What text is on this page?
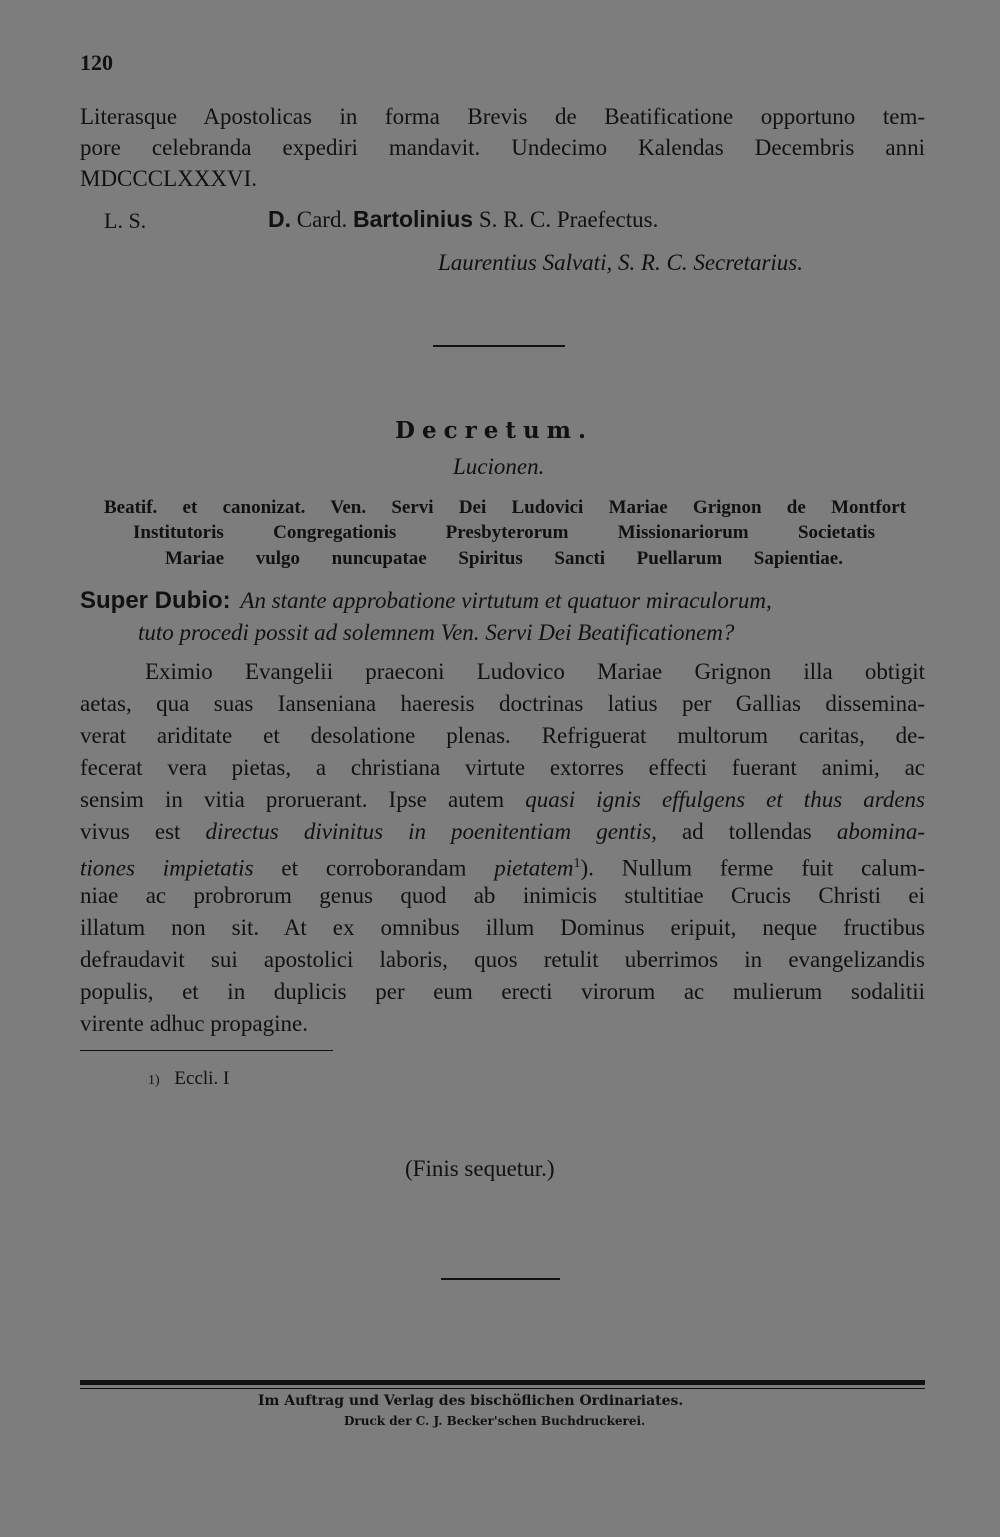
120
Literasque Apostolicas in forma Brevis de Beatificatione opportuno tem-
pore celebranda expediri mandavit. Undecimo Kalendas Decembris anni
MDCCCLXXXVI.
L. S.	D. Card. Bartolinius S. R. C. Praefectus.
Laurentius Salvati, S. R. C. Secretarius.
Decretum.
Lucionen.
Beatif. et canonizat. Ven. Servi Dei Ludovici Mariae Grignon de Montfort
Institutoris Congregationis Presbyterorum Missionariorum Societatis
Mariae vulgo nuncupatae Spiritus Sancti Puellarum Sapientiae.
Super Dubio: An stante approbatione virtutum et quatuor miraculorum,
tuto procedi possit ad solemnem Ven. Servi Dei Beatificationem?
Eximio Evangelii praeconi Ludovico Mariae Grignon illa obtigit
aetas, qua suas Ianseniana haeresis doctrinas latius per Gallias dissemina-
verat ariditate et desolatione plenas. Refriguerat multorum caritas, de-
fecerat vera pietas, a christiana virtute extorres effecti fuerant animi, ac
sensim in vitia proruerant. Ipse autem quasi ignis effulgens et thus ardens
vivus est directus divinitus in poenitentiam gentis, ad tollendas abomina-
tiones impietatis et corroborandam pietatem$^1$). Nullum ferme fuit calum-
niae ac probrorum genus quod ab inimicis stultitiae Crucis Christi ei
illatum non sit. At ex omnibus illum Dominus eripuit, neque fructibus
defraudavit sui apostolici laboris, quos retulit uberrimos in evangelizandis
populis, et in duplicis per eum erecti virorum ac mulierum sodalitii
virente adhuc propagine.
1) Eccli. I
(Finis sequetur.)
Im Auftrag und Verlag des bischöflichen Ordinariates.
Druck der C. J. Becker'schen Buchdruckerei.
